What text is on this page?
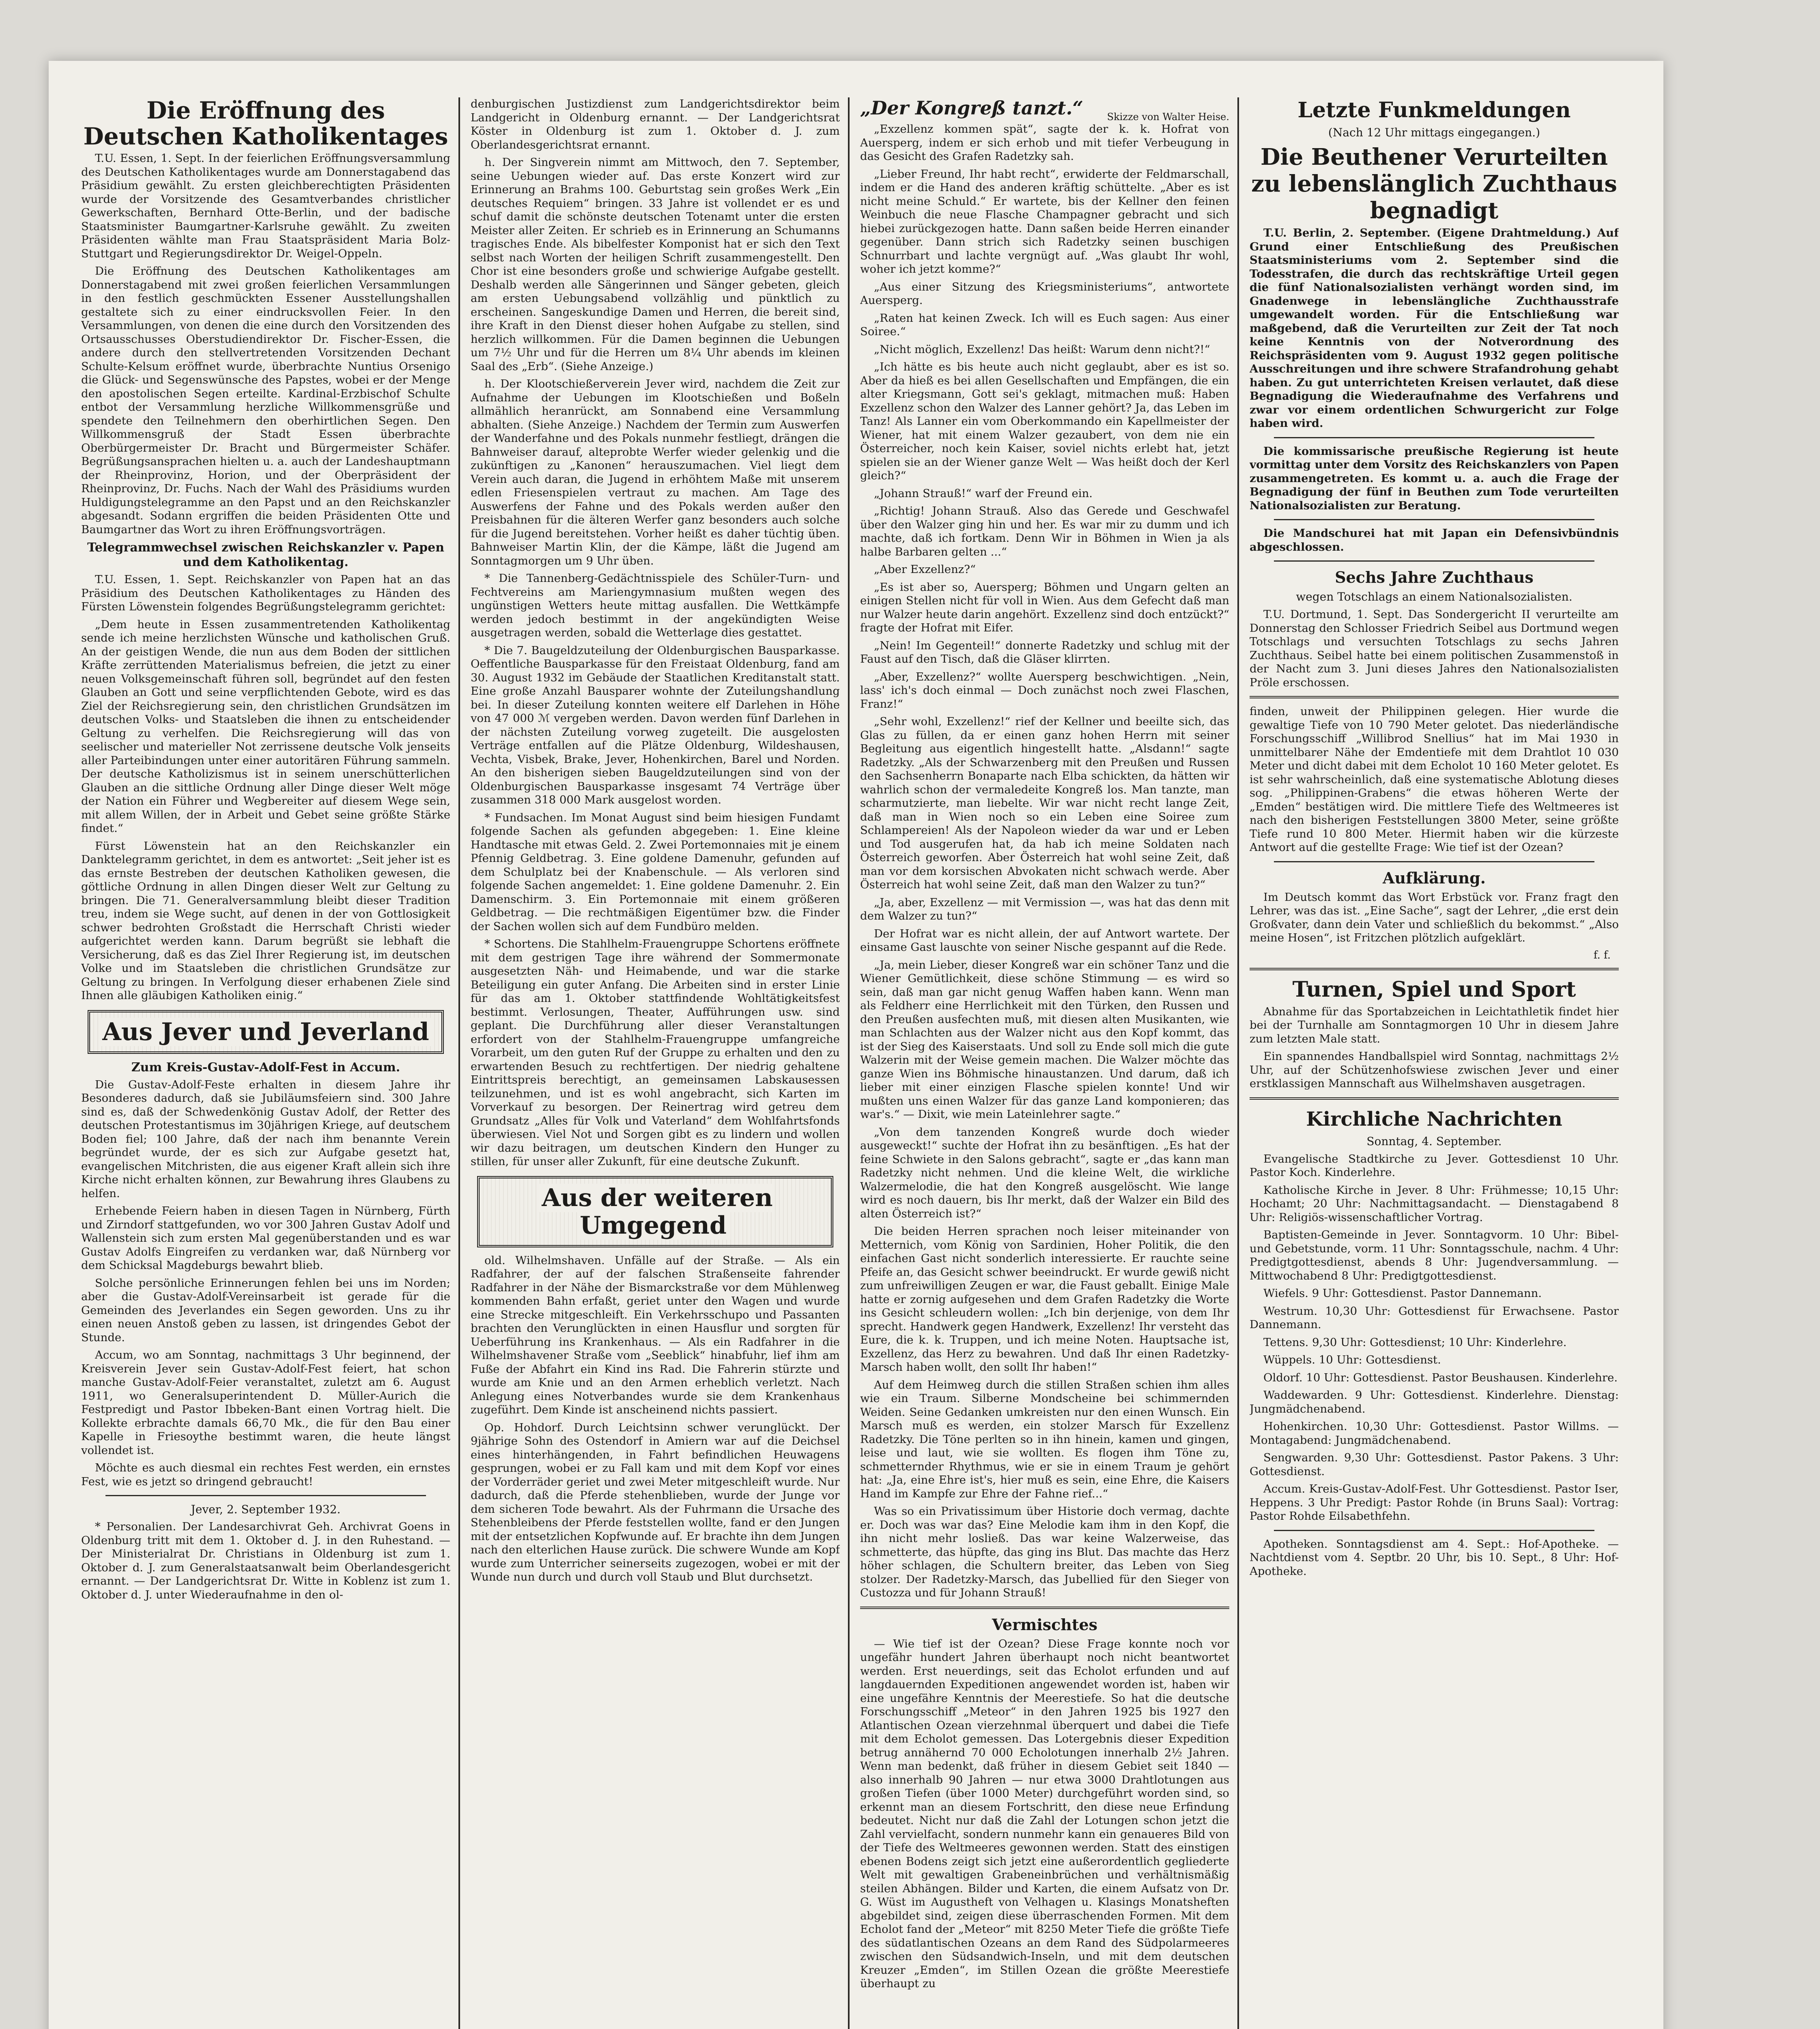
Die Eröffnung des Deutschen Katholikentages

T.U. Essen, 1. Sept. In der feierlichen Eröffnungsversammlung des Deutschen Katholikentages wurde am Donnerstagabend das Präsidium gewählt. Zu ersten gleichberechtigten Präsidenten wurde der Vorsitzende des Gesamtverbandes christlicher Gewerkschaften, Bernhard Otte-Berlin, und der badische Staatsminister Baumgartner-Karlsruhe gewählt. Zu zweiten Präsidenten wählte man Frau Staatspräsident Maria Bolz-Stuttgart und Regierungsdirektor Dr. Weigel-Oppeln.

Die Eröffnung des Deutschen Katholikentages am Donnerstagabend mit zwei großen feierlichen Versammlungen in den festlich geschmückten Essener Ausstellungshallen gestaltete sich zu einer eindrucksvollen Feier. In den Versammlungen, von denen die eine durch den Vorsitzenden des Ortsausschusses Oberstudiendirektor Dr. Fischer-Essen, die andere durch den stellvertretenden Vorsitzenden Dechant Schulte-Kelsum eröffnet wurde, überbrachte Nuntius Orsenigo die Glück- und Segenswünsche des Papstes, wobei er der Menge den apostolischen Segen erteilte. Kardinal-Erzbischof Schulte entbot der Versammlung herzliche Willkommensgrüße und spendete den Teilnehmern den oberhirtlichen Segen. Den Willkommensgruß der Stadt Essen überbrachte Oberbürgermeister Dr. Bracht und Bürgermeister Schäfer. Begrüßungsansprachen hielten u. a. auch der Landeshauptmann der Rheinprovinz, Horion, und der Oberpräsident der Rheinprovinz, Dr. Fuchs. Nach der Wahl des Präsidiums wurden Huldigungstelegramme an den Papst und an den Reichskanzler abgesandt. Sodann ergriffen die beiden Präsidenten Otte und Baumgartner das Wort zu ihren Eröffnungsvorträgen.

Telegrammwechsel zwischen Reichskanzler v. Papen und dem Katholikentag.

T.U. Essen, 1. Sept. Reichskanzler von Papen hat an das Präsidium des Deutschen Katholikentages zu Händen des Fürsten Löwenstein folgendes Begrüßungstelegramm gerichtet:

„Dem heute in Essen zusammentretenden Katholikentag sende ich meine herzlichsten Wünsche und katholischen Gruß. An der geistigen Wende, die nun aus dem Boden der sittlichen Kräfte zerrüttenden Materialismus befreien, die jetzt zu einer neuen Volksgemeinschaft führen soll, begründet auf den festen Glauben an Gott und seine verpflichtenden Gebote, wird es das Ziel der Reichsregierung sein, den christlichen Grundsätzen im deutschen Volks- und Staatsleben die ihnen zu entscheidender Geltung zu verhelfen. Die Reichsregierung will das von seelischer und materieller Not zerrissene deutsche Volk jenseits aller Parteibindungen unter einer autoritären Führung sammeln. Der deutsche Katholizismus ist in seinem unerschütterlichen Glauben an die sittliche Ordnung aller Dinge dieser Welt möge der Nation ein Führer und Wegbereiter auf diesem Wege sein, mit allem Willen, der in Arbeit und Gebet seine größte Stärke findet.“

Fürst Löwenstein hat an den Reichskanzler ein Danktelegramm gerichtet, in dem es antwortet: „Seit jeher ist es das ernste Bestreben der deutschen Katholiken gewesen, die göttliche Ordnung in allen Dingen dieser Welt zur Geltung zu bringen. Die 71. Generalversammlung bleibt dieser Tradition treu, indem sie Wege sucht, auf denen in der von Gottlosigkeit schwer bedrohten Großstadt die Herrschaft Christi wieder aufgerichtet werden kann. Darum begrüßt sie lebhaft die Versicherung, daß es das Ziel Ihrer Regierung ist, im deutschen Volke und im Staatsleben die christlichen Grundsätze zur Geltung zu bringen. In Verfolgung dieser erhabenen Ziele sind Ihnen alle gläubigen Katholiken einig.“

Aus Jever und Jeverland
Zum Kreis-Gustav-Adolf-Fest in Accum.

Die Gustav-Adolf-Feste erhalten in diesem Jahre ihr Besonderes dadurch, daß sie Jubiläumsfeiern sind. 300 Jahre sind es, daß der Schwedenkönig Gustav Adolf, der Retter des deutschen Protestantismus im 30jährigen Kriege, auf deutschem Boden fiel; 100 Jahre, daß der nach ihm benannte Verein begründet wurde, der es sich zur Aufgabe gesetzt hat, evangelischen Mitchristen, die aus eigener Kraft allein sich ihre Kirche nicht erhalten können, zur Bewahrung ihres Glaubens zu helfen.

Erhebende Feiern haben in diesen Tagen in Nürnberg, Fürth und Zirndorf stattgefunden, wo vor 300 Jahren Gustav Adolf und Wallenstein sich zum ersten Mal gegenüberstanden und es war Gustav Adolfs Eingreifen zu verdanken war, daß Nürnberg vor dem Schicksal Magdeburgs bewahrt blieb.

Solche persönliche Erinnerungen fehlen bei uns im Norden; aber die Gustav-Adolf-Vereinsarbeit ist gerade für die Gemeinden des Jeverlandes ein Segen geworden. Uns zu ihr einen neuen Anstoß geben zu lassen, ist dringendes Gebot der Stunde.

Accum, wo am Sonntag, nachmittags 3 Uhr beginnend, der Kreisverein Jever sein Gustav-Adolf-Fest feiert, hat schon manche Gustav-Adolf-Feier veranstaltet, zuletzt am 6. August 1911, wo Generalsuperintendent D. Müller-Aurich die Festpredigt und Pastor Ibbeken-Bant einen Vortrag hielt. Die Kollekte erbrachte damals 66,70 Mk., die für den Bau einer Kapelle in Friesoythe bestimmt waren, die heute längst vollendet ist.

Möchte es auch diesmal ein rechtes Fest werden, ein ernstes Fest, wie es jetzt so dringend gebraucht!

Jever, 2. September 1932.

* Personalien. Der Landesarchivrat Geh. Archivrat Goens in Oldenburg tritt mit dem 1. Oktober d. J. in den Ruhestand. — Der Ministerialrat Dr. Christians in Oldenburg ist zum 1. Oktober d. J. zum Generalstaatsanwalt beim Oberlandesgericht ernannt. — Der Landgerichtsrat Dr. Witte in Koblenz ist zum 1. Oktober d. J. unter Wiederaufnahme in den ol-

denburgischen Justizdienst zum Landgerichtsdirektor beim Landgericht in Oldenburg ernannt. — Der Landgerichtsrat Köster in Oldenburg ist zum 1. Oktober d. J. zum Oberlandesgerichtsrat ernannt.

h. Der Singverein nimmt am Mittwoch, den 7. September, seine Uebungen wieder auf. Das erste Konzert wird zur Erinnerung an Brahms 100. Geburtstag sein großes Werk „Ein deutsches Requiem“ bringen. 33 Jahre ist vollendet er es und schuf damit die schönste deutschen Totenamt unter die ersten Meister aller Zeiten. Er schrieb es in Erinnerung an Schumanns tragisches Ende. Als bibelfester Komponist hat er sich den Text selbst nach Worten der heiligen Schrift zusammengestellt. Den Chor ist eine besonders große und schwierige Aufgabe gestellt. Deshalb werden alle Sängerinnen und Sänger gebeten, gleich am ersten Uebungsabend vollzählig und pünktlich zu erscheinen. Sangeskundige Damen und Herren, die bereit sind, ihre Kraft in den Dienst dieser hohen Aufgabe zu stellen, sind herzlich willkommen. Für die Damen beginnen die Uebungen um 7½ Uhr und für die Herren um 8¼ Uhr abends im kleinen Saal des „Erb“. (Siehe Anzeige.)

h. Der Klootschießerverein Jever wird, nachdem die Zeit zur Aufnahme der Uebungen im Klootschießen und Boßeln allmählich heranrückt, am Sonnabend eine Versammlung abhalten. (Siehe Anzeige.) Nachdem der Termin zum Auswerfen der Wanderfahne und des Pokals nunmehr festliegt, drängen die Bahnweiser darauf, alteprobte Werfer wieder gelenkig und die zukünftigen zu „Kanonen“ herauszumachen. Viel liegt dem Verein auch daran, die Jugend in erhöhtem Maße mit unserem edlen Friesenspielen vertraut zu machen. Am Tage des Auswerfens der Fahne und des Pokals werden außer den Preisbahnen für die älteren Werfer ganz besonders auch solche für die Jugend bereitstehen. Vorher heißt es daher tüchtig üben. Bahnweiser Martin Klin, der die Kämpe, läßt die Jugend am Sonntagmorgen um 9 Uhr üben.

* Die Tannenberg-Gedächtnisspiele des Schüler-Turn- und Fechtvereins am Mariengymnasium mußten wegen des ungünstigen Wetters heute mittag ausfallen. Die Wettkämpfe werden jedoch bestimmt in der angekündigten Weise ausgetragen werden, sobald die Wetterlage dies gestattet.

* Die 7. Baugeldzuteilung der Oldenburgischen Bausparkasse. Oeffentliche Bausparkasse für den Freistaat Oldenburg, fand am 30. August 1932 im Gebäude der Staatlichen Kreditanstalt statt. Eine große Anzahl Bausparer wohnte der Zuteilungshandlung bei. In dieser Zuteilung konnten weitere elf Darlehen in Höhe von 47 000 ℳ vergeben werden. Davon werden fünf Darlehen in der nächsten Zuteilung vorweg zugeteilt. Die ausgelosten Verträge entfallen auf die Plätze Oldenburg, Wildeshausen, Vechta, Visbek, Brake, Jever, Hohenkirchen, Barel und Norden. An den bisherigen sieben Baugeldzuteilungen sind von der Oldenburgischen Bausparkasse insgesamt 74 Verträge über zusammen 318 000 Mark ausgelost worden.

* Fundsachen. Im Monat August sind beim hiesigen Fundamt folgende Sachen als gefunden abgegeben: 1. Eine kleine Handtasche mit etwas Geld. 2. Zwei Portemonnaies mit je einem Pfennig Geldbetrag. 3. Eine goldene Damenuhr, gefunden auf dem Schulplatz bei der Knabenschule. — Als verloren sind folgende Sachen angemeldet: 1. Eine goldene Damenuhr. 2. Ein Damenschirm. 3. Ein Portemonnaie mit einem größeren Geldbetrag. — Die rechtmäßigen Eigentümer bzw. die Finder der Sachen wollen sich auf dem Fundbüro melden.

* Schortens. Die Stahlhelm-Frauengruppe Schortens eröffnete mit dem gestrigen Tage ihre während der Sommermonate ausgesetzten Näh- und Heimabende, und war die starke Beteiligung ein guter Anfang. Die Arbeiten sind in erster Linie für das am 1. Oktober stattfindende Wohltätigkeitsfest bestimmt. Verlosungen, Theater, Aufführungen usw. sind geplant. Die Durchführung aller dieser Veranstaltungen erfordert von der Stahlhelm-Frauengruppe umfangreiche Vorarbeit, um den guten Ruf der Gruppe zu erhalten und den zu erwartenden Besuch zu rechtfertigen. Der niedrig gehaltene Eintrittspreis berechtigt, an gemeinsamen Labskausessen teilzunehmen, und ist es wohl angebracht, sich Karten im Vorverkauf zu besorgen. Der Reinertrag wird getreu dem Grundsatz „Alles für Volk und Vaterland“ dem Wohlfahrtsfonds überwiesen. Viel Not und Sorgen gibt es zu lindern und wollen wir dazu beitragen, um deutschen Kindern den Hunger zu stillen, für unser aller Zukunft, für eine deutsche Zukunft.

Aus der weiteren Umgegend

old. Wilhelmshaven. Unfälle auf der Straße. — Als ein Radfahrer, der auf der falschen Straßenseite fahrender Radfahrer in der Nähe der Bismarckstraße vor dem Mühlenweg kommenden Bahn erfaßt, geriet unter den Wagen und wurde eine Strecke mitgeschleift. Ein Verkehrsschupo und Passanten brachten den Verunglückten in einen Hausflur und sorgten für Ueberführung ins Krankenhaus. — Als ein Radfahrer in die Wilhelmshavener Straße vom „Seeblick“ hinabfuhr, lief ihm am Fuße der Abfahrt ein Kind ins Rad. Die Fahrerin stürzte und wurde am Knie und an den Armen erheblich verletzt. Nach Anlegung eines Notverbandes wurde sie dem Krankenhaus zugeführt. Dem Kinde ist anscheinend nichts passiert.

Op. Hohdorf. Durch Leichtsinn schwer verunglückt. Der 9jährige Sohn des Ostendorf in Amiern war auf die Deichsel eines hinterhängenden, in Fahrt befindlichen Heuwagens gesprungen, wobei er zu Fall kam und mit dem Kopf vor eines der Vorderräder geriet und zwei Meter mitgeschleift wurde. Nur dadurch, daß die Pferde stehenblieben, wurde der Junge vor dem sicheren Tode bewahrt. Als der Fuhrmann die Ursache des Stehenbleibens der Pferde feststellen wollte, fand er den Jungen mit der entsetzlichen Kopfwunde auf. Er brachte ihn dem Jungen nach den elterlichen Hause zurück. Die schwere Wunde am Kopf wurde zum Unterricher seinerseits zugezogen, wobei er mit der Wunde nun durch und durch voll Staub und Blut durchsetzt.

„Der Kongreß tanzt.“ Skizze von Walter Heise.

„Exzellenz kommen spät“, sagte der k. k. Hofrat von Auersperg, indem er sich erhob und mit tiefer Verbeugung in das Gesicht des Grafen Radetzky sah.

„Lieber Freund, Ihr habt recht“, erwiderte der Feldmarschall, indem er die Hand des anderen kräftig schüttelte. „Aber es ist nicht meine Schuld.“ Er wartete, bis der Kellner den feinen Weinbuch die neue Flasche Champagner gebracht und sich hiebei zurückgezogen hatte. Dann saßen beide Herren einander gegenüber. Dann strich sich Radetzky seinen buschigen Schnurrbart und lachte vergnügt auf. „Was glaubt Ihr wohl, woher ich jetzt komme?“

„Aus einer Sitzung des Kriegsministeriums“, antwortete Auersperg.

„Raten hat keinen Zweck. Ich will es Euch sagen: Aus einer Soiree.“

„Nicht möglich, Exzellenz! Das heißt: Warum denn nicht?!“

„Ich hätte es bis heute auch nicht geglaubt, aber es ist so. Aber da hieß es bei allen Gesellschaften und Empfängen, die ein alter Kriegsmann, Gott sei's geklagt, mitmachen muß: Haben Exzellenz schon den Walzer des Lanner gehört? Ja, das Leben im Tanz! Als Lanner ein vom Oberkommando ein Kapellmeister der Wiener, hat mit einem Walzer gezaubert, von dem nie ein Österreicher, noch kein Kaiser, soviel nichts erlebt hat, jetzt spielen sie an der Wiener ganze Welt — Was heißt doch der Kerl gleich?“

„Johann Strauß!“ warf der Freund ein.

„Richtig! Johann Strauß. Also das Gerede und Geschwafel über den Walzer ging hin und her. Es war mir zu dumm und ich machte, daß ich fortkam. Denn Wir in Böhmen in Wien ja als halbe Barbaren gelten ...“

„Aber Exzellenz?“

„Es ist aber so, Auersperg; Böhmen und Ungarn gelten an einigen Stellen nicht für voll in Wien. Aus dem Gefecht daß man nur Walzer heute darin angehört. Exzellenz sind doch entzückt?“ fragte der Hofrat mit Eifer.

„Nein! Im Gegenteil!“ donnerte Radetzky und schlug mit der Faust auf den Tisch, daß die Gläser klirrten.

„Aber, Exzellenz?“ wollte Auersperg beschwichtigen. „Nein, lass' ich's doch einmal — Doch zunächst noch zwei Flaschen, Franz!“

„Sehr wohl, Exzellenz!“ rief der Kellner und beeilte sich, das Glas zu füllen, da er einen ganz hohen Herrn mit seiner Begleitung aus eigentlich hingestellt hatte. „Alsdann!“ sagte Radetzky. „Als der Schwarzenberg mit den Preußen und Russen den Sachsenherrn Bonaparte nach Elba schickten, da hätten wir wahrlich schon der vermaledeite Kongreß los. Man tanzte, man scharmutzierte, man liebelte. Wir war nicht recht lange Zeit, daß man in Wien noch so ein Leben eine Soiree zum Schlampereien! Als der Napoleon wieder da war und er Leben und Tod ausgerufen hat, da hab ich meine Soldaten nach Österreich geworfen. Aber Österreich hat wohl seine Zeit, daß man vor dem korsischen Abvokaten nicht schwach werde. Aber Österreich hat wohl seine Zeit, daß man den Walzer zu tun?“

„Ja, aber, Exzellenz — mit Vermission —, was hat das denn mit dem Walzer zu tun?“

Der Hofrat war es nicht allein, der auf Antwort wartete. Der einsame Gast lauschte von seiner Nische gespannt auf die Rede.

„Ja, mein Lieber, dieser Kongreß war ein schöner Tanz und die Wiener Gemütlichkeit, diese schöne Stimmung — es wird so sein, daß man gar nicht genug Waffen haben kann. Wenn man als Feldherr eine Herrlichkeit mit den Türken, den Russen und den Preußen ausfechten muß, mit diesen alten Musikanten, wie man Schlachten aus der Walzer nicht aus den Kopf kommt, das ist der Sieg des Kaiserstaats. Und soll zu Ende soll mich die gute Walzerin mit der Weise gemein machen. Die Walzer möchte das ganze Wien ins Böhmische hinaustanzen. Und darum, daß ich lieber mit einer einzigen Flasche spielen konnte! Und wir mußten uns einen Walzer für das ganze Land komponieren; das war's.“ — Dixit, wie mein Lateinlehrer sagte.“

„Von dem tanzenden Kongreß wurde doch wieder ausgeweckt!“ suchte der Hofrat ihn zu besänftigen. „Es hat der feine Schwiete in den Salons gebracht“, sagte er „das kann man Radetzky nicht nehmen. Und die kleine Welt, die wirkliche Walzermelodie, die hat den Kongreß ausgelöscht. Wie lange wird es noch dauern, bis Ihr merkt, daß der Walzer ein Bild des alten Österreich ist?“

Die beiden Herren sprachen noch leiser miteinander von Metternich, vom König von Sardinien, Hoher Politik, die den einfachen Gast nicht sonderlich interessierte. Er rauchte seine Pfeife an, das Gesicht schwer beeindruckt. Er wurde gewiß nicht zum unfreiwilligen Zeugen er war, die Faust geballt. Einige Male hatte er zornig aufgesehen und dem Grafen Radetzky die Worte ins Gesicht schleudern wollen: „Ich bin derjenige, von dem Ihr sprecht. Handwerk gegen Handwerk, Exzellenz! Ihr versteht das Eure, die k. k. Truppen, und ich meine Noten. Hauptsache ist, Exzellenz, das Herz zu bewahren. Und daß Ihr einen Radetzky-Marsch haben wollt, den sollt Ihr haben!“

Auf dem Heimweg durch die stillen Straßen schien ihm alles wie ein Traum. Silberne Mondscheine bei schimmernden Weiden. Seine Gedanken umkreisten nur den einen Wunsch. Ein Marsch muß es werden, ein stolzer Marsch für Exzellenz Radetzky. Die Töne perlten so in ihn hinein, kamen und gingen, leise und laut, wie sie wollten. Es flogen ihm Töne zu, schmetternder Rhythmus, wie er sie in einem Traum je gehört hat: „Ja, eine Ehre ist's, hier muß es sein, eine Ehre, die Kaisers Hand im Kampfe zur Ehre der Fahne rief...“

Was so ein Privatissimum über Historie doch vermag, dachte er. Doch was war das? Eine Melodie kam ihm in den Kopf, die ihn nicht mehr losließ. Das war keine Walzerweise, das schmetterte, das hüpfte, das ging ins Blut. Das machte das Herz höher schlagen, die Schultern breiter, das Leben von Sieg stolzer. Der Radetzky-Marsch, das Jubellied für den Sieger von Custozza und für Johann Strauß!

Vermischtes

— Wie tief ist der Ozean? Diese Frage konnte noch vor ungefähr hundert Jahren überhaupt noch nicht beantwortet werden. Erst neuerdings, seit das Echolot erfunden und auf langdauernden Expeditionen angewendet worden ist, haben wir eine ungefähre Kenntnis der Meerestiefe. So hat die deutsche Forschungsschiff „Meteor“ in den Jahren 1925 bis 1927 den Atlantischen Ozean vierzehnmal überquert und dabei die Tiefe mit dem Echolot gemessen. Das Lotergebnis dieser Expedition betrug annähernd 70 000 Echolotungen innerhalb 2½ Jahren. Wenn man bedenkt, daß früher in diesem Gebiet seit 1840 — also innerhalb 90 Jahren — nur etwa 3000 Drahtlotungen aus großen Tiefen (über 1000 Meter) durchgeführt worden sind, so erkennt man an diesem Fortschritt, den diese neue Erfindung bedeutet. Nicht nur daß die Zahl der Lotungen schon jetzt die Zahl vervielfacht, sondern nunmehr kann ein genaueres Bild von der Tiefe des Weltmeeres gewonnen werden. Statt des einstigen ebenen Bodens zeigt sich jetzt eine außerordentlich gegliederte Welt mit gewaltigen Grabeneinbrüchen und verhältnismäßig steilen Abhängen. Bilder und Karten, die einem Aufsatz von Dr. G. Wüst im Augustheft von Velhagen u. Klasings Monatsheften abgebildet sind, zeigen diese überraschenden Formen. Mit dem Echolot fand der „Meteor“ mit 8250 Meter Tiefe die größte Tiefe des südatlantischen Ozeans an dem Rand des Südpolarmeeres zwischen den Südsandwich-Inseln, und mit dem deutschen Kreuzer „Emden“, im Stillen Ozean die größte Meerestiefe überhaupt zu

Letzte Funkmeldungen
(Nach 12 Uhr mittags eingegangen.)
Die Beuthener Verurteilten zu lebenslänglich Zuchthaus begnadigt

T.U. Berlin, 2. September. (Eigene Drahtmeldung.) Auf Grund einer Entschließung des Preußischen Staatsministeriums vom 2. September sind die Todesstrafen, die durch das rechtskräftige Urteil gegen die fünf Nationalsozialisten verhängt worden sind, im Gnadenwege in lebenslängliche Zuchthausstrafe umgewandelt worden. Für die Entschließung war maßgebend, daß die Verurteilten zur Zeit der Tat noch keine Kenntnis von der Notverordnung des Reichspräsidenten vom 9. August 1932 gegen politische Ausschreitungen und ihre schwere Strafandrohung gehabt haben. Zu gut unterrichteten Kreisen verlautet, daß diese Begnadigung die Wiederaufnahme des Verfahrens und zwar vor einem ordentlichen Schwurgericht zur Folge haben wird.

Die kommissarische preußische Regierung ist heute vormittag unter dem Vorsitz des Reichskanzlers von Papen zusammengetreten. Es kommt u. a. auch die Frage der Begnadigung der fünf in Beuthen zum Tode verurteilten Nationalsozialisten zur Beratung.

Die Mandschurei hat mit Japan ein Defensivbündnis abgeschlossen.

Sechs Jahre Zuchthaus
wegen Totschlags an einem Nationalsozialisten.

T.U. Dortmund, 1. Sept. Das Sondergericht II verurteilte am Donnerstag den Schlosser Friedrich Seibel aus Dortmund wegen Totschlags und versuchten Totschlags zu sechs Jahren Zuchthaus. Seibel hatte bei einem politischen Zusammenstoß in der Nacht zum 3. Juni dieses Jahres den Nationalsozialisten Pröle erschossen.

finden, unweit der Philippinen gelegen. Hier wurde die gewaltige Tiefe von 10 790 Meter gelotet. Das niederländische Forschungsschiff „Willibrod Snellius“ hat im Mai 1930 in unmittelbarer Nähe der Emdentiefe mit dem Drahtlot 10 030 Meter und dicht dabei mit dem Echolot 10 160 Meter gelotet. Es ist sehr wahrscheinlich, daß eine systematische Ablotung dieses sog. „Philippinen-Grabens“ die etwas höheren Werte der „Emden“ bestätigen wird. Die mittlere Tiefe des Weltmeeres ist nach den bisherigen Feststellungen 3800 Meter, seine größte Tiefe rund 10 800 Meter. Hiermit haben wir die kürzeste Antwort auf die gestellte Frage: Wie tief ist der Ozean?

Aufklärung.

Im Deutsch kommt das Wort Erbstück vor. Franz fragt den Lehrer, was das ist. „Eine Sache“, sagt der Lehrer, „die erst dein Großvater, dann dein Vater und schließlich du bekommst.“ „Also meine Hosen“, ist Fritzchen plötzlich aufgeklärt.

f. f.
Turnen, Spiel und Sport

Abnahme für das Sportabzeichen in Leichtathletik findet hier bei der Turnhalle am Sonntagmorgen 10 Uhr in diesem Jahre zum letzten Male statt.

Ein spannendes Handballspiel wird Sonntag, nachmittags 2½ Uhr, auf der Schützenhofswiese zwischen Jever und einer erstklassigen Mannschaft aus Wilhelmshaven ausgetragen.

Kirchliche Nachrichten
Sonntag, 4. September.

Evangelische Stadtkirche zu Jever. Gottesdienst 10 Uhr. Pastor Koch. Kinderlehre.

Katholische Kirche in Jever. 8 Uhr: Frühmesse; 10,15 Uhr: Hochamt; 20 Uhr: Nachmittagsandacht. — Dienstagabend 8 Uhr: Religiös-wissenschaftlicher Vortrag.

Baptisten-Gemeinde in Jever. Sonntagvorm. 10 Uhr: Bibel- und Gebetstunde, vorm. 11 Uhr: Sonntagsschule, nachm. 4 Uhr: Predigtgottesdienst, abends 8 Uhr: Jugendversammlung. — Mittwochabend 8 Uhr: Predigtgottesdienst.

Wiefels. 9 Uhr: Gottesdienst. Pastor Dannemann.

Westrum. 10,30 Uhr: Gottesdienst für Erwachsene. Pastor Dannemann.

Tettens. 9,30 Uhr: Gottesdienst; 10 Uhr: Kinderlehre.

Wüppels. 10 Uhr: Gottesdienst.

Oldorf. 10 Uhr: Gottesdienst. Pastor Beushausen. Kinderlehre.

Waddewarden. 9 Uhr: Gottesdienst. Kinderlehre. Dienstag: Jungmädchenabend.

Hohenkirchen. 10,30 Uhr: Gottesdienst. Pastor Willms. — Montagabend: Jungmädchenabend.

Sengwarden. 9,30 Uhr: Gottesdienst. Pastor Pakens. 3 Uhr: Gottesdienst.

Accum. Kreis-Gustav-Adolf-Fest. Uhr Gottesdienst. Pastor Iser, Heppens. 3 Uhr Predigt: Pastor Rohde (in Bruns Saal): Vortrag: Pastor Rohde Eilsabethfehn.

Apotheken. Sonntagsdienst am 4. Sept.: Hof-Apotheke. — Nachtdienst vom 4. Septbr. 20 Uhr, bis 10. Sept., 8 Uhr: Hof-Apotheke.
